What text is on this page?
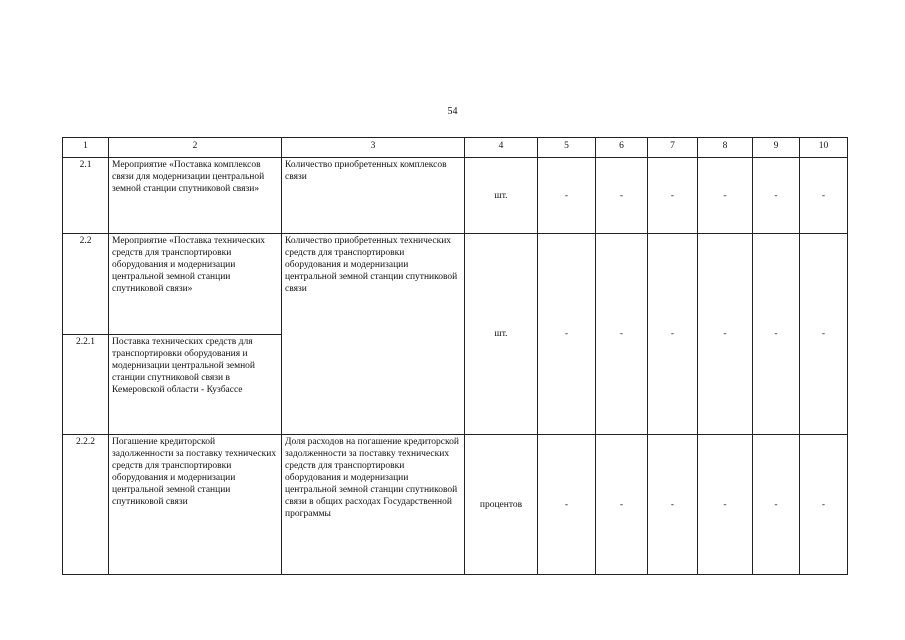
54
1	2	3	4	5	6	7	8	9	10
2.1	Мероприятие «Поставка комплексов связи для модернизации центральной земной станции спутниковой связи»	Количество приобретенных комплексов связи	шт.	-	-	-	-	-	-
2.2	Мероприятие «Поставка технических средств для транспортировки оборудования и модернизации центральной земной станции спутниковой связи»	Количество приобретенных технических средств для транспортировки оборудования и модернизации центральной земной станции спутниковой связи	шт.	-	-	-	-	-	-
2.2.1	Поставка технических средств для транспортировки оборудования и модернизации центральной земной станции спутниковой связи в Кемеровской области - Кузбассе								
2.2.2	Погашение кредиторской задолженности за поставку технических средств для транспортировки оборудования и модернизации центральной земной станции спутниковой связи	Доля расходов на погашение кредиторской задолженности за поставку технических средств для транспортировки оборудования и модернизации центральной земной станции спутниковой связи в общих расходах Государственной программы	процентов	-	-	-	-	-	-
